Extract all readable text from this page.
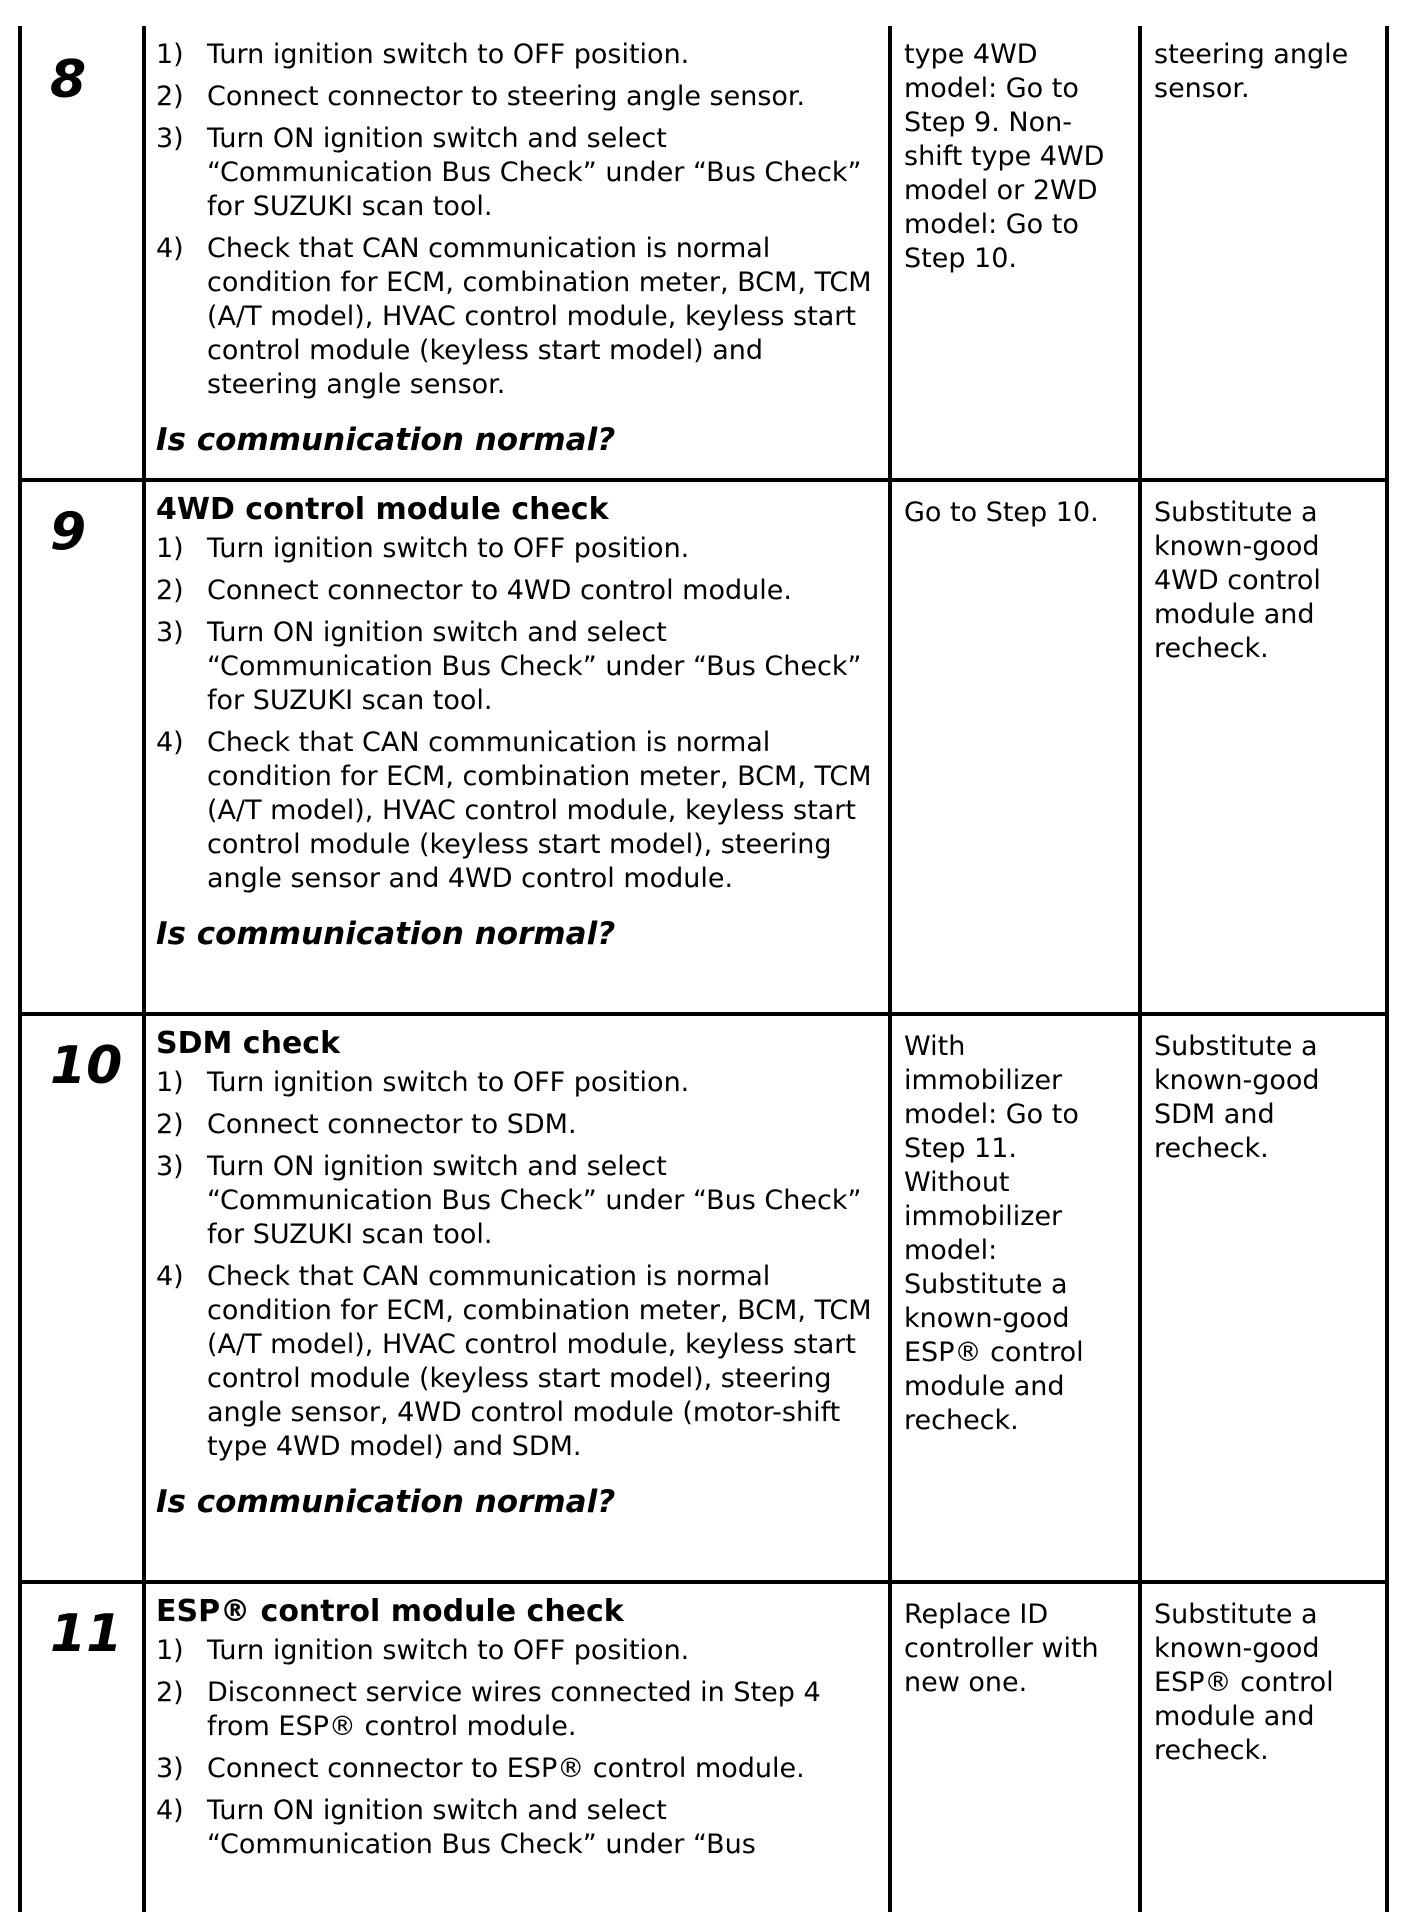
8	1) Turn ignition switch to OFF position.
2) Connect connector to steering angle sensor.
3) Turn ON ignition switch and select “Communication Bus Check” under “Bus Check” for SUZUKI scan tool.
4) Check that CAN communication is normal condition for ECM, combination meter, BCM, TCM (A/T model), HVAC control module, keyless start control module (keyless start model) and steering angle sensor.
Is communication normal?
type 4WD model: Go to Step 9. Non-shift type 4WD model or 2WD model: Go to Step 10.
steering angle sensor.
9 4WD control module check
1) Turn ignition switch to OFF position.
2) Connect connector to 4WD control module.
3) Turn ON ignition switch and select “Communication Bus Check” under “Bus Check” for SUZUKI scan tool.
4) Check that CAN communication is normal condition for ECM, combination meter, BCM, TCM (A/T model), HVAC control module, keyless start control module (keyless start model), steering angle sensor and 4WD control module.
Is communication normal?
Go to Step 10.	Substitute a known-good 4WD control module and recheck.
10 SDM check
1) Turn ignition switch to OFF position.
2) Connect connector to SDM.
3) Turn ON ignition switch and select “Communication Bus Check” under “Bus Check” for SUZUKI scan tool.
4) Check that CAN communication is normal condition for ECM, combination meter, BCM, TCM (A/T model), HVAC control module, keyless start control module (keyless start model), steering angle sensor, 4WD control module (motor-shift type 4WD model) and SDM.
Is communication normal?
With immobilizer model: Go to Step 11. Without immobilizer model: Substitute a known-good ESP® control module and recheck.
Substitute a known-good SDM and recheck.
11 ESP® control module check
1) Turn ignition switch to OFF position.
2) Disconnect service wires connected in Step 4 from ESP® control module.
3) Connect connector to ESP® control module.
4) Turn ON ignition switch and select “Communication Bus Check” under “Bus
Replace ID controller with new one.
Substitute a known-good ESP® control module and recheck.
